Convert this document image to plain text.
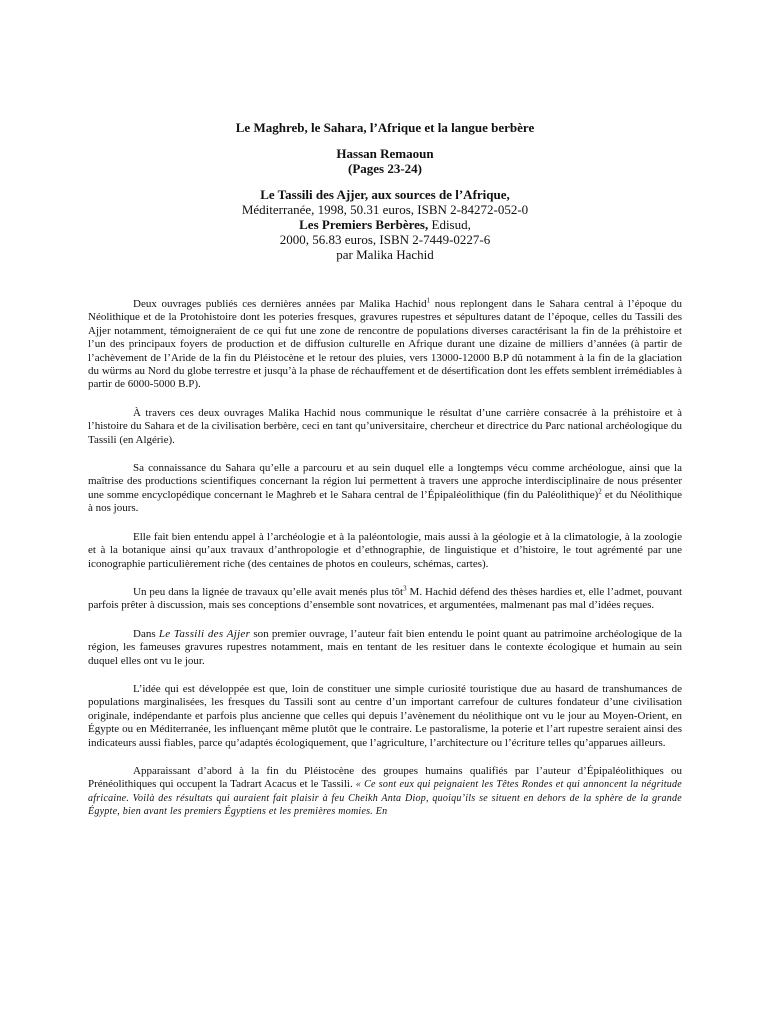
Le Maghreb, le Sahara, l’Afrique et la langue berbère
Hassan Remaoun
(Pages 23-24)
Le Tassili des Ajjer, aux sources de l’Afrique,
Méditerranée, 1998, 50.31 euros, ISBN 2-84272-052-0
Les Premiers Berbères, Edisud,
2000, 56.83 euros, ISBN 2-7449-0227-6
par Malika Hachid

Deux ouvrages publiés ces dernières années par Malika Hachid$^1$ nous replongent dans le Sahara central à l’époque du Néolithique et de la Protohistoire dont les poteries fresques, gravures rupestres et sépultures datant de l’époque, celles du Tassili des Ajjer notamment, témoigneraient de ce qui fut une zone de rencontre de populations diverses caractérisant la fin de la préhistoire et l’un des principaux foyers de production et de diffusion culturelle en Afrique durant une dizaine de milliers d’années (à partir de l’achèvement de l’Aride de la fin du Pléistocène et le retour des pluies, vers 13000-12000 B.P dû notamment à la fin de la glaciation du würms au Nord du globe terrestre et jusqu’à la phase de réchauffement et de désertification dont les effets semblent irrémédiables à partir de 6000-5000 B.P).

À travers ces deux ouvrages Malika Hachid nous communique le résultat d’une carrière consacrée à la préhistoire et à l’histoire du Sahara et de la civilisation berbère, ceci en tant qu’universitaire, chercheur et directrice du Parc national archéologique du Tassili (en Algérie).

Sa connaissance du Sahara qu’elle a parcouru et au sein duquel elle a longtemps vécu comme archéologue, ainsi que la maîtrise des productions scientifiques concernant la région lui permettent à travers une approche interdisciplinaire de nous présenter une somme encyclopédique concernant le Maghreb et le Sahara central de l’Épipaléolithique (fin du Paléolithique)$^2$ et du Néolithique à nos jours.

Elle fait bien entendu appel à l’archéologie et à la paléontologie, mais aussi à la géologie et à la climatologie, à la zoologie et à la botanique ainsi qu’aux travaux d’anthropologie et d’ethnographie, de linguistique et d’histoire, le tout agrémenté par une iconographie particulièrement riche (des centaines de photos en couleurs, schémas, cartes).

Un peu dans la lignée de travaux qu’elle avait menés plus tôt$^3$ M. Hachid défend des thèses hardies et, elle l’admet, pouvant parfois prêter à discussion, mais ses conceptions d’ensemble sont novatrices, et argumentées, malmenant pas mal d’idées reçues.

Dans Le Tassili des Ajjer son premier ouvrage, l’auteur fait bien entendu le point quant au patrimoine archéologique de la région, les fameuses gravures rupestres notamment, mais en tentant de les resituer dans le contexte écologique et humain au sein duquel elles ont vu le jour.

L’idée qui est développée est que, loin de constituer une simple curiosité touristique due au hasard de transhumances de populations marginalisées, les fresques du Tassili sont au centre d’un important carrefour de cultures fondateur d’une civilisation originale, indépendante et parfois plus ancienne que celles qui depuis l’avènement du néolithique ont vu le jour au Moyen-Orient, en Égypte ou en Méditerranée, les influençant même plutôt que le contraire. Le pastoralisme, la poterie et l’art rupestre seraient ainsi des indicateurs aussi fiables, parce qu’adaptés écologiquement, que l’agriculture, l’architecture ou l’écriture telles qu’apparues ailleurs.

Apparaissant d’abord à la fin du Pléistocène des groupes humains qualifiés par l’auteur d’Épipaléolithiques ou Prénéolithiques qui occupent la Tadrart Acacus et le Tassili. « Ce sont eux qui peignaient les Têtes Rondes et qui annoncent la négritude africaine. Voilà des résultats qui auraient fait plaisir à feu Cheikh Anta Diop, quoiqu’ils se situent en dehors de la sphère de la grande Égypte, bien avant les premiers Égyptiens et les premières momies. En
